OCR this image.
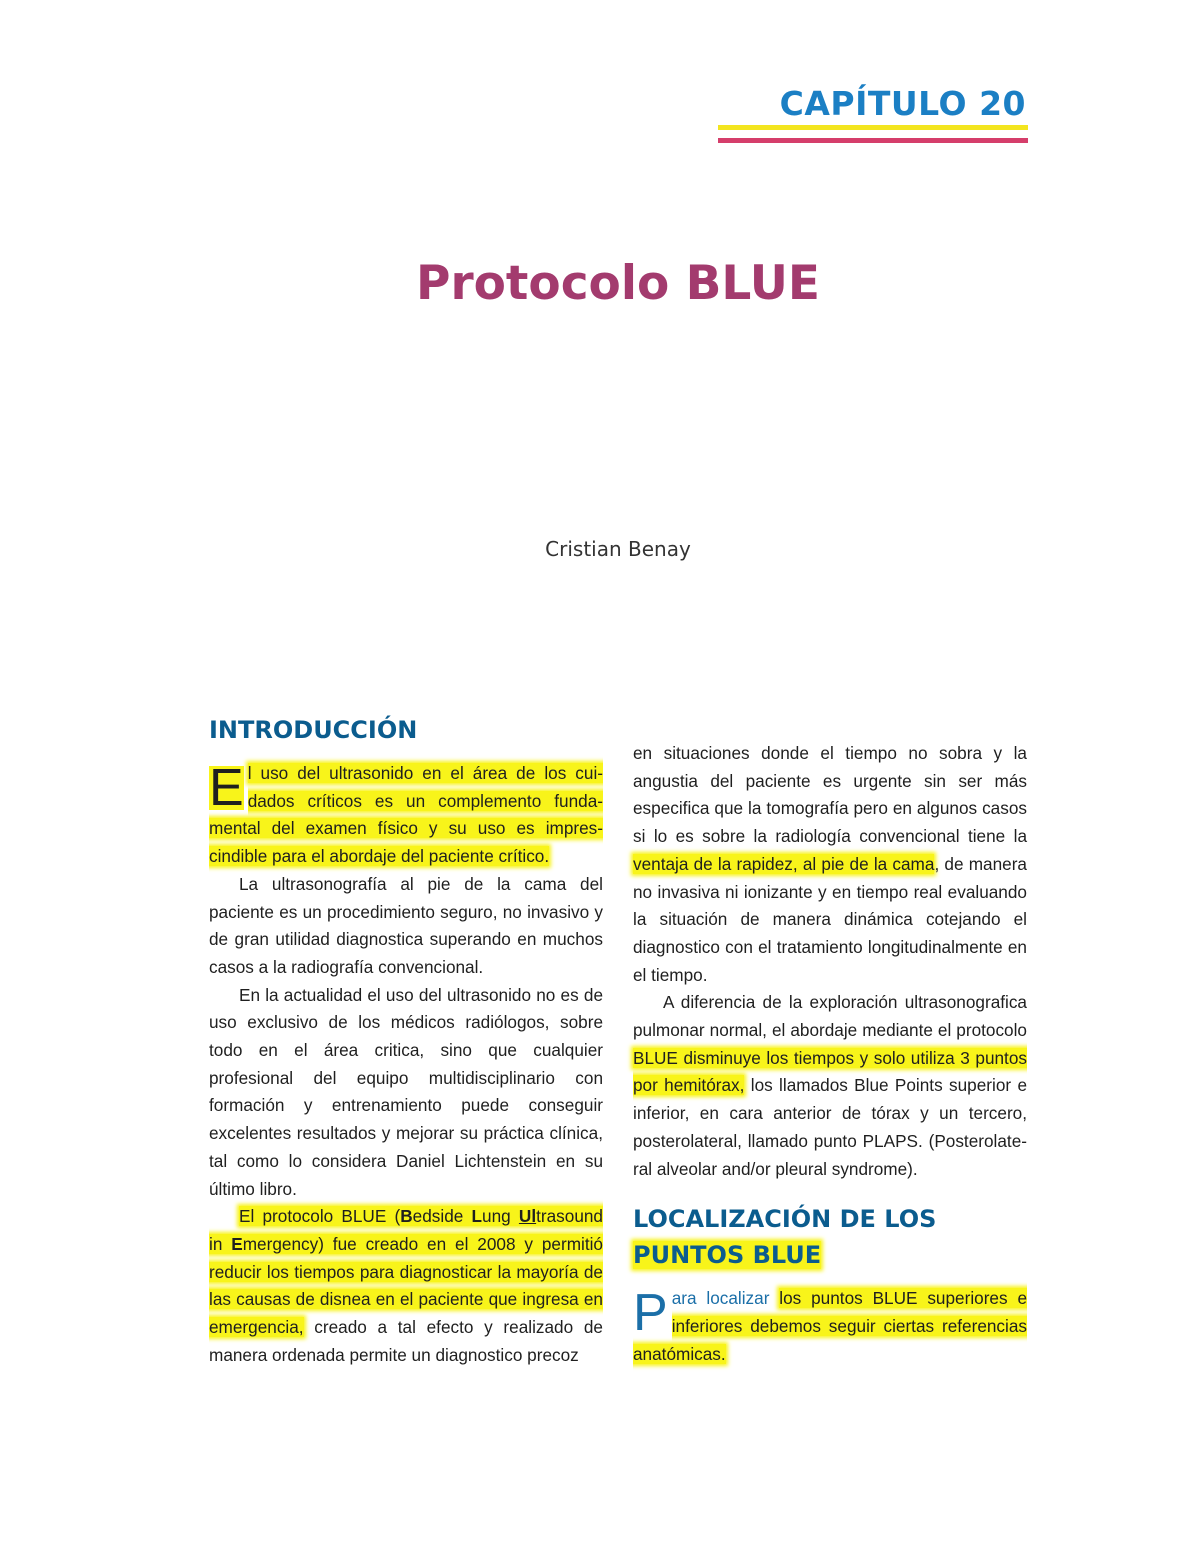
CAPÍTULO 20
Protocolo BLUE
Cristian Benay
INTRODUCCIÓN

E l uso del ultrasonido en el área de los cuidados críticos es un complemento fundamental del examen físico y su uso es imprescindible para el abordaje del paciente crítico.

La ultrasonografía al pie de la cama del paciente es un procedimiento seguro, no invasivo y de gran utilidad diagnostica superando en muchos casos a la radiografía convencional.

En la actualidad el uso del ultrasonido no es de uso exclusivo de los médicos radiólogos, sobre todo en el área critica, sino que cualquier profesional del equipo multidisciplinario con formación y entrenamiento puede conseguir excelentes resultados y mejorar su práctica clínica, tal como lo considera Daniel Lichtenstein en su último libro.

El protocolo BLUE (Bedside Lung Ultrasound in Emergency) fue creado en el 2008 y permitió reducir los tiempos para diagnosticar la mayoría de las causas de disnea en el paciente que ingresa en emergencia, creado a tal efecto y realizado de manera ordenada permite un diagnostico precoz

en situaciones donde el tiempo no sobra y la angustia del paciente es urgente sin ser más especifica que la tomografía pero en algunos casos si lo es sobre la radiología convencional tiene la ventaja de la rapidez, al pie de la cama, de manera no invasiva ni ionizante y en tiempo real evaluando la situación de manera dinámica cotejando el diagnostico con el tratamiento longitudinalmente en el tiempo.

A diferencia de la exploración ultrasonografica pulmonar normal, el abordaje mediante el protocolo BLUE disminuye los tiempos y solo utiliza 3 puntos por hemitórax, los llamados Blue Points superior e inferior, en cara anterior de tórax y un tercero, posterolateral, llamado punto PLAPS. (Posterolateral alveolar and/or pleural syndrome).

LOCALIZACIÓN DE LOS
PUNTOS BLUE

Para localizar los puntos BLUE superiores e inferiores debemos seguir ciertas referencias anatómicas.
